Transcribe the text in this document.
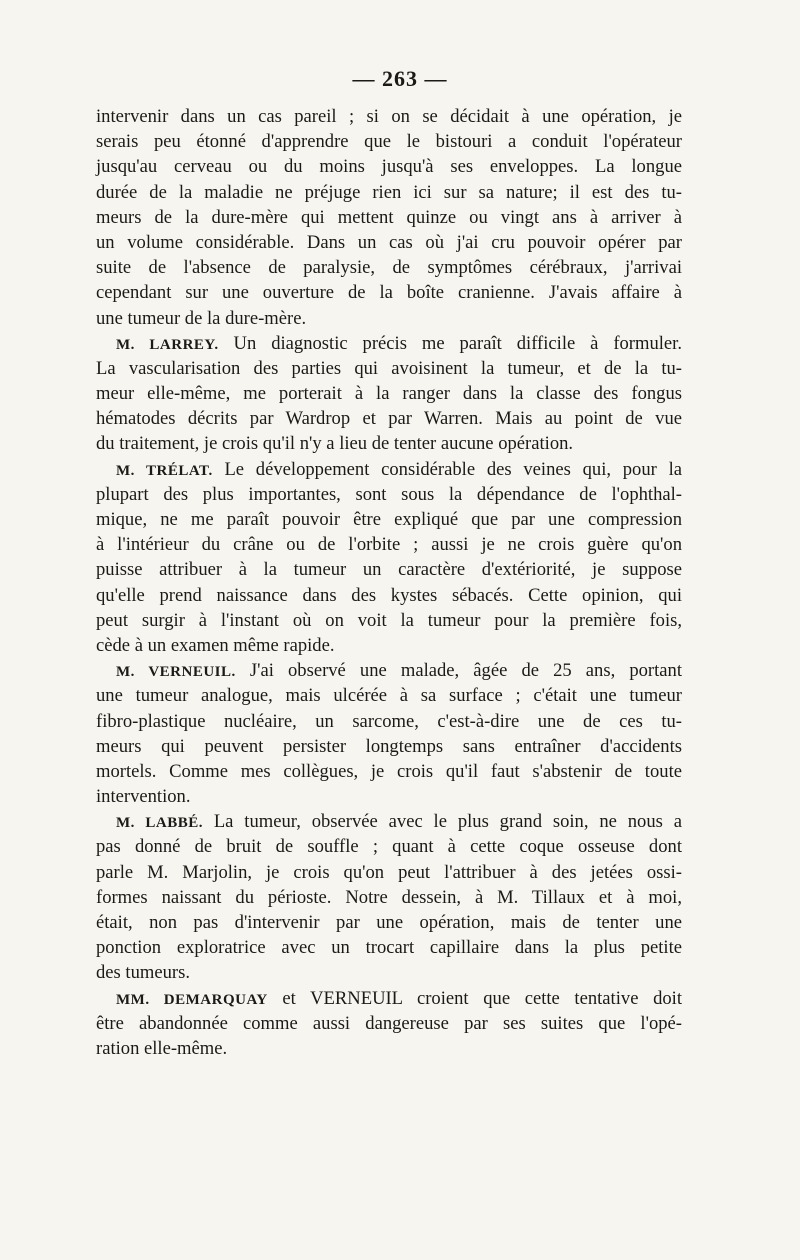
— 263 —
intervenir dans un cas pareil ; si on se décidait à une opération, je
serais peu étonné d'apprendre que le bistouri a conduit l'opérateur
jusqu'au cerveau ou du moins jusqu'à ses enveloppes. La longue
durée de la maladie ne préjuge rien ici sur sa nature; il est des tu-
meurs de la dure-mère qui mettent quinze ou vingt ans à arriver à
un volume considérable. Dans un cas où j'ai cru pouvoir opérer par
suite de l'absence de paralysie, de symptômes cérébraux, j'arrivai
cependant sur une ouverture de la boîte cranienne. J'avais affaire à
une tumeur de la dure-mère.
M. LARREY. Un diagnostic précis me paraît difficile à formuler.
La vascularisation des parties qui avoisinent la tumeur, et de la tu-
meur elle-même, me porterait à la ranger dans la classe des fongus
hématodes décrits par Wardrop et par Warren. Mais au point de vue
du traitement, je crois qu'il n'y a lieu de tenter aucune opération.
M. TRÉLAT. Le développement considérable des veines qui, pour la
plupart des plus importantes, sont sous la dépendance de l'ophthal-
mique, ne me paraît pouvoir être expliqué que par une compression
à l'intérieur du crâne ou de l'orbite ; aussi je ne crois guère qu'on
puisse attribuer à la tumeur un caractère d'extériorité, je suppose
qu'elle prend naissance dans des kystes sébacés. Cette opinion, qui
peut surgir à l'instant où on voit la tumeur pour la première fois,
cède à un examen même rapide.
M. VERNEUIL. J'ai observé une malade, âgée de 25 ans, portant
une tumeur analogue, mais ulcérée à sa surface ; c'était une tumeur
fibro-plastique nucléaire, un sarcome, c'est-à-dire une de ces tu-
meurs qui peuvent persister longtemps sans entraîner d'accidents
mortels. Comme mes collègues, je crois qu'il faut s'abstenir de toute
intervention.
M. LABBÉ. La tumeur, observée avec le plus grand soin, ne nous a
pas donné de bruit de souffle ; quant à cette coque osseuse dont
parle M. Marjolin, je crois qu'on peut l'attribuer à des jetées ossi-
formes naissant du périoste. Notre dessein, à M. Tillaux et à moi,
était, non pas d'intervenir par une opération, mais de tenter une
ponction exploratrice avec un trocart capillaire dans la plus petite
des tumeurs.
MM. DEMARQUAY et VERNEUIL croient que cette tentative doit
être abandonnée comme aussi dangereuse par ses suites que l'opé-
ration elle-même.
